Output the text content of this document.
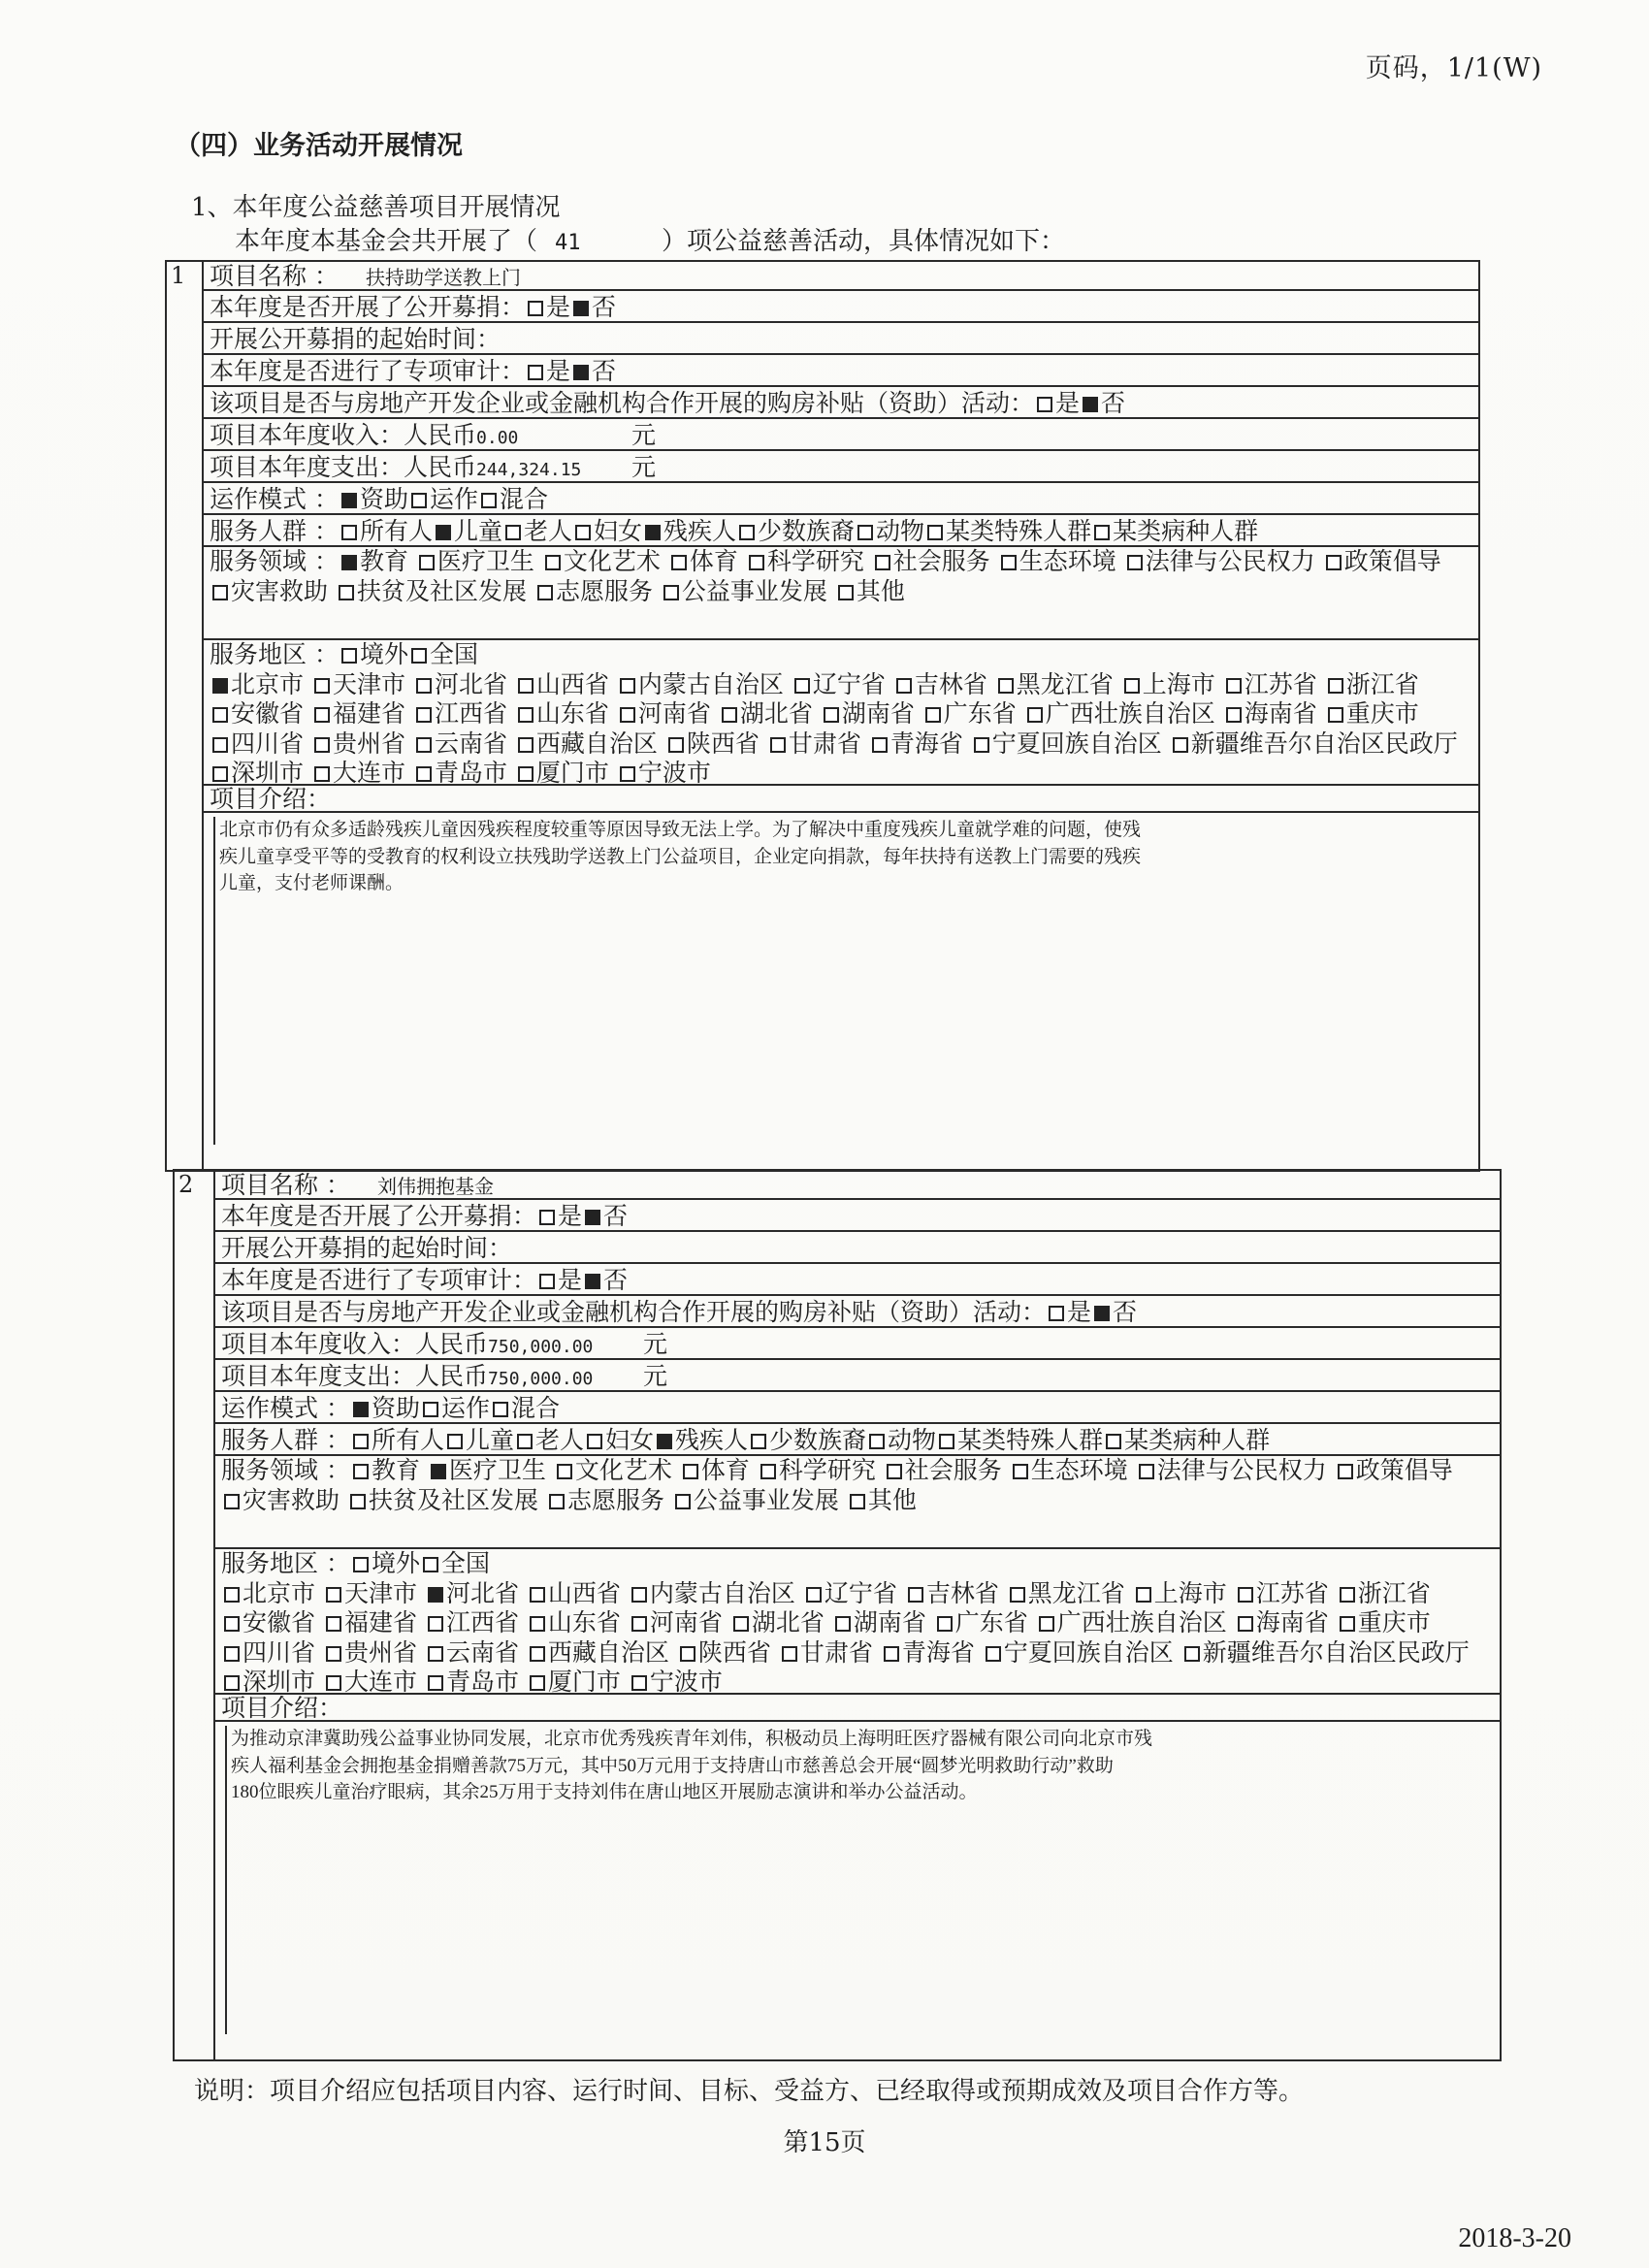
页码，1/1(W)
（四）业务活动开展情况
1、本年度公益慈善项目开展情况
本年度本基金会共开展了（ 41	）项公益慈善活动，具体情况如下：
1 项目名称 ： 扶持助学送教上门
本年度是否开展了公开募捐： 是 否
开展公开募捐的起始时间：
本年度是否进行了专项审计： 是 否
该项目是否与房地产开发企业或金融机构合作开展的购房补贴（资助）活动： 是 否
项目本年度收入：人民币0.00	元
项目本年度支出：人民币244,324.15 元
运作模式 ： 资助 运作 混合
服务人群 ： 所有人 儿童 老人 妇女 残疾人 少数族裔 动物 某类特殊人群 某类病种人群
服务领域 ： 教育 医疗卫生 文化艺术 体育 科学研究 社会服务 生态环境 法律与公民权力 政策倡导 灾害救助 扶贫及社区发展 志愿服务 公益事业发展 其他
服务地区 ： 境外 全国
北京市 天津市 河北省 山西省 内蒙古自治区 辽宁省 吉林省 黑龙江省 上海市 江苏省 浙江省 安徽省 福建省 江西省 山东省 河南省 湖北省 湖南省 广东省 广西壮族自治区 海南省 重庆市 四川省 贵州省 云南省 西藏自治区 陕西省 甘肃省 青海省 宁夏回族自治区 新疆维吾尔自治区民政厅 深圳市 大连市 青岛市 厦门市 宁波市
项目介绍：
北京市仍有众多适龄残疾儿童因残疾程度较重等原因导致无法上学。为了解决中重度残疾儿童就学难的问题，使残
疾儿童享受平等的受教育的权利设立扶残助学送教上门公益项目，企业定向捐款，每年扶持有送教上门需要的残疾
儿童，支付老师课酬。
2 项目名称 ： 刘伟拥抱基金
本年度是否开展了公开募捐： 是 否
开展公开募捐的起始时间：
本年度是否进行了专项审计： 是 否
该项目是否与房地产开发企业或金融机构合作开展的购房补贴（资助）活动： 是 否
项目本年度收入：人民币750,000.00 元
项目本年度支出：人民币750,000.00 元
运作模式 ： 资助 运作 混合
服务人群 ： 所有人 儿童 老人 妇女 残疾人 少数族裔 动物 某类特殊人群 某类病种人群
服务领域 ： 教育 医疗卫生 文化艺术 体育 科学研究 社会服务 生态环境 法律与公民权力 政策倡导 灾害救助 扶贫及社区发展 志愿服务 公益事业发展 其他
服务地区 ： 境外 全国
北京市 天津市 河北省 山西省 内蒙古自治区 辽宁省 吉林省 黑龙江省 上海市 江苏省 浙江省 安徽省 福建省 江西省 山东省 河南省 湖北省 湖南省 广东省 广西壮族自治区 海南省 重庆市 四川省 贵州省 云南省 西藏自治区 陕西省 甘肃省 青海省 宁夏回族自治区 新疆维吾尔自治区民政厅 深圳市 大连市 青岛市 厦门市 宁波市
项目介绍：
为推动京津冀助残公益事业协同发展，北京市优秀残疾青年刘伟，积极动员上海明旺医疗器械有限公司向北京市残
疾人福利基金会拥抱基金捐赠善款75万元，其中50万元用于支持唐山市慈善总会开展“圆梦光明救助行动”救助
180位眼疾儿童治疗眼病，其余25万用于支持刘伟在唐山地区开展励志演讲和举办公益活动。
说明：项目介绍应包括项目内容、运行时间、目标、受益方、已经取得或预期成效及项目合作方等。
第15页
2018-3-20
